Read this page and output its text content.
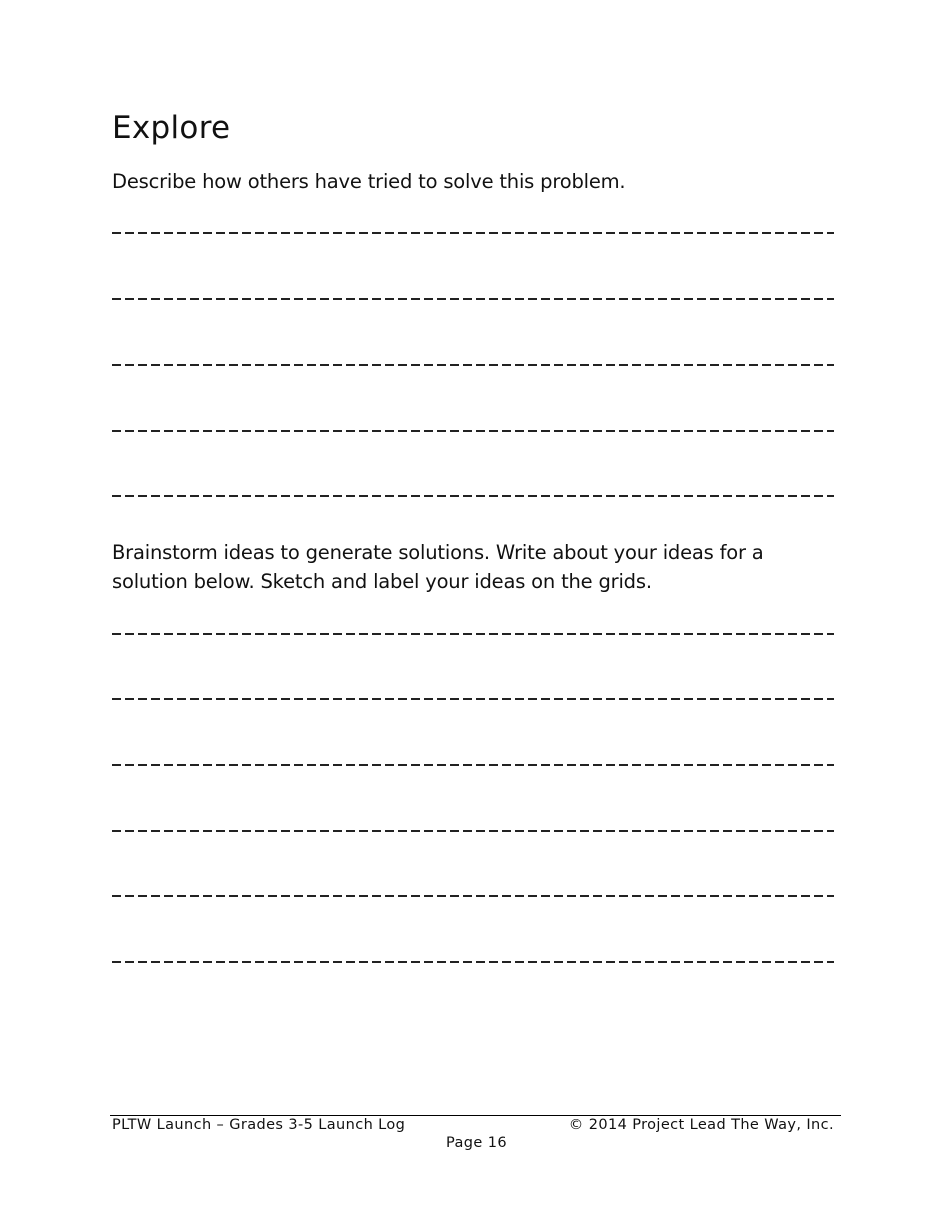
Explore
Describe how others have tried to solve this problem.
Brainstorm ideas to generate solutions. Write about your ideas for a
solution below. Sketch and label your ideas on the grids.
PLTW Launch – Grades 3-5 Launch Log	© 2014 Project Lead The Way, Inc.
Page 16
